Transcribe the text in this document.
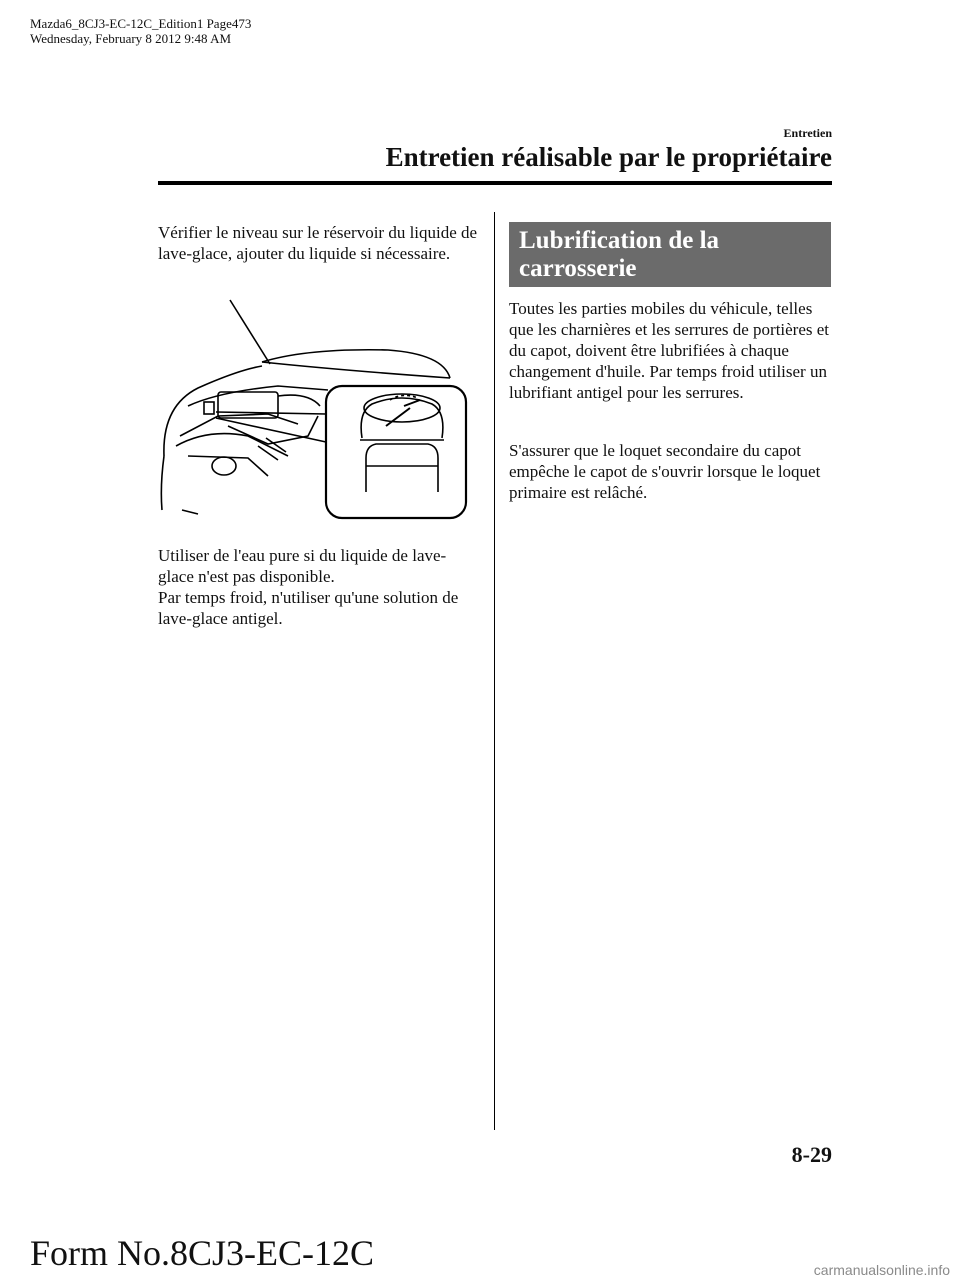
Mazda6_8CJ3-EC-12C_Edition1 Page473
Wednesday, February 8 2012 9:48 AM
Entretien
Entretien réalisable par le propriétaire
Vérifier le niveau sur le réservoir du liquide de lave-glace, ajouter du liquide si nécessaire.
Utiliser de l'eau pure si du liquide de lave-glace n'est pas disponible.
Par temps froid, n'utiliser qu'une solution de lave-glace antigel.
Lubrification de la carrosserie
Toutes les parties mobiles du véhicule, telles que les charnières et les serrures de portières et du capot, doivent être lubrifiées à chaque changement d'huile. Par temps froid utiliser un lubrifiant antigel pour les serrures.
S'assurer que le loquet secondaire du capot empêche le capot de s'ouvrir lorsque le loquet primaire est relâché.
8-29
Form No.8CJ3-EC-12C	carmanualsonline.info
